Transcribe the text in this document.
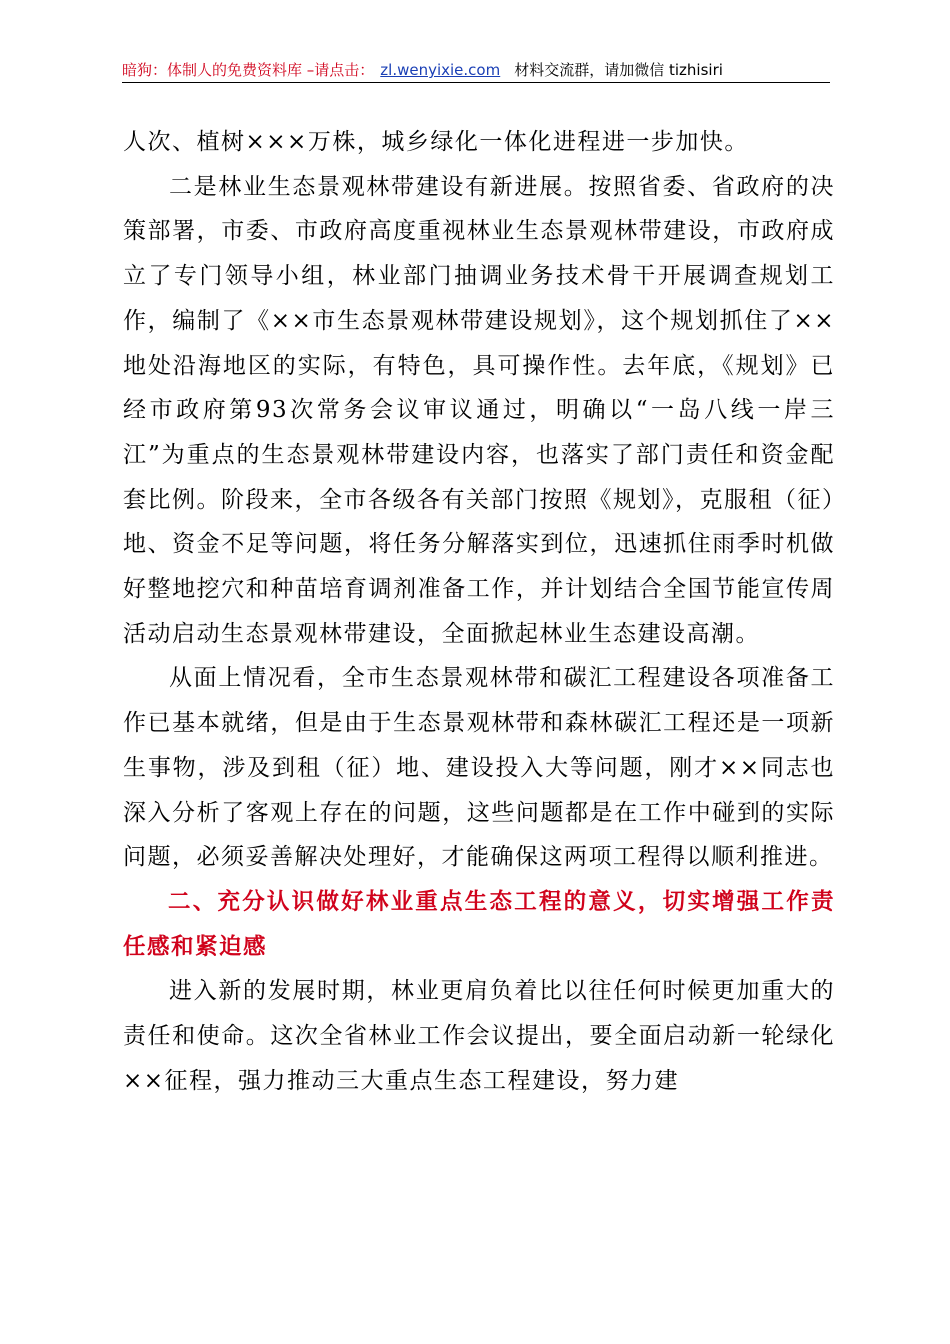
暗狗：体制人的免费资料库 –请点击： zl.wenyixie.com 材料交流群，请加微信 tizhisiri

人次、植树×××万株，城乡绿化一体化进程进一步加快。

二是林业生态景观林带建设有新进展。按照省委、省政府的决策部署，市委、市政府高度重视林业生态景观林带建设，市政府成立了专门领导小组，林业部门抽调业务技术骨干开展调查规划工作，编制了《××市生态景观林带建设规划》，这个规划抓住了××地处沿海地区的实际，有特色，具可操作性。去年底，《规划》已经市政府第93次常务会议审议通过，明确以“一岛八线一岸三江”为重点的生态景观林带建设内容，也落实了部门责任和资金配套比例。阶段来，全市各级各有关部门按照《规划》，克服租（征）地、资金不足等问题，将任务分解落实到位，迅速抓住雨季时机做好整地挖穴和种苗培育调剂准备工作，并计划结合全国节能宣传周活动启动生态景观林带建设，全面掀起林业生态建设高潮。

从面上情况看，全市生态景观林带和碳汇工程建设各项准备工作已基本就绪，但是由于生态景观林带和森林碳汇工程还是一项新生事物，涉及到租（征）地、建设投入大等问题，刚才××同志也深入分析了客观上存在的问题，这些问题都是在工作中碰到的实际问题，必须妥善解决处理好，才能确保这两项工程得以顺利推进。

二、充分认识做好林业重点生态工程的意义，切实增强工作责任感和紧迫感

进入新的发展时期，林业更肩负着比以往任何时候更加重大的责任和使命。这次全省林业工作会议提出，要全面启动新一轮绿化××征程，强力推动三大重点生态工程建设，努力建
